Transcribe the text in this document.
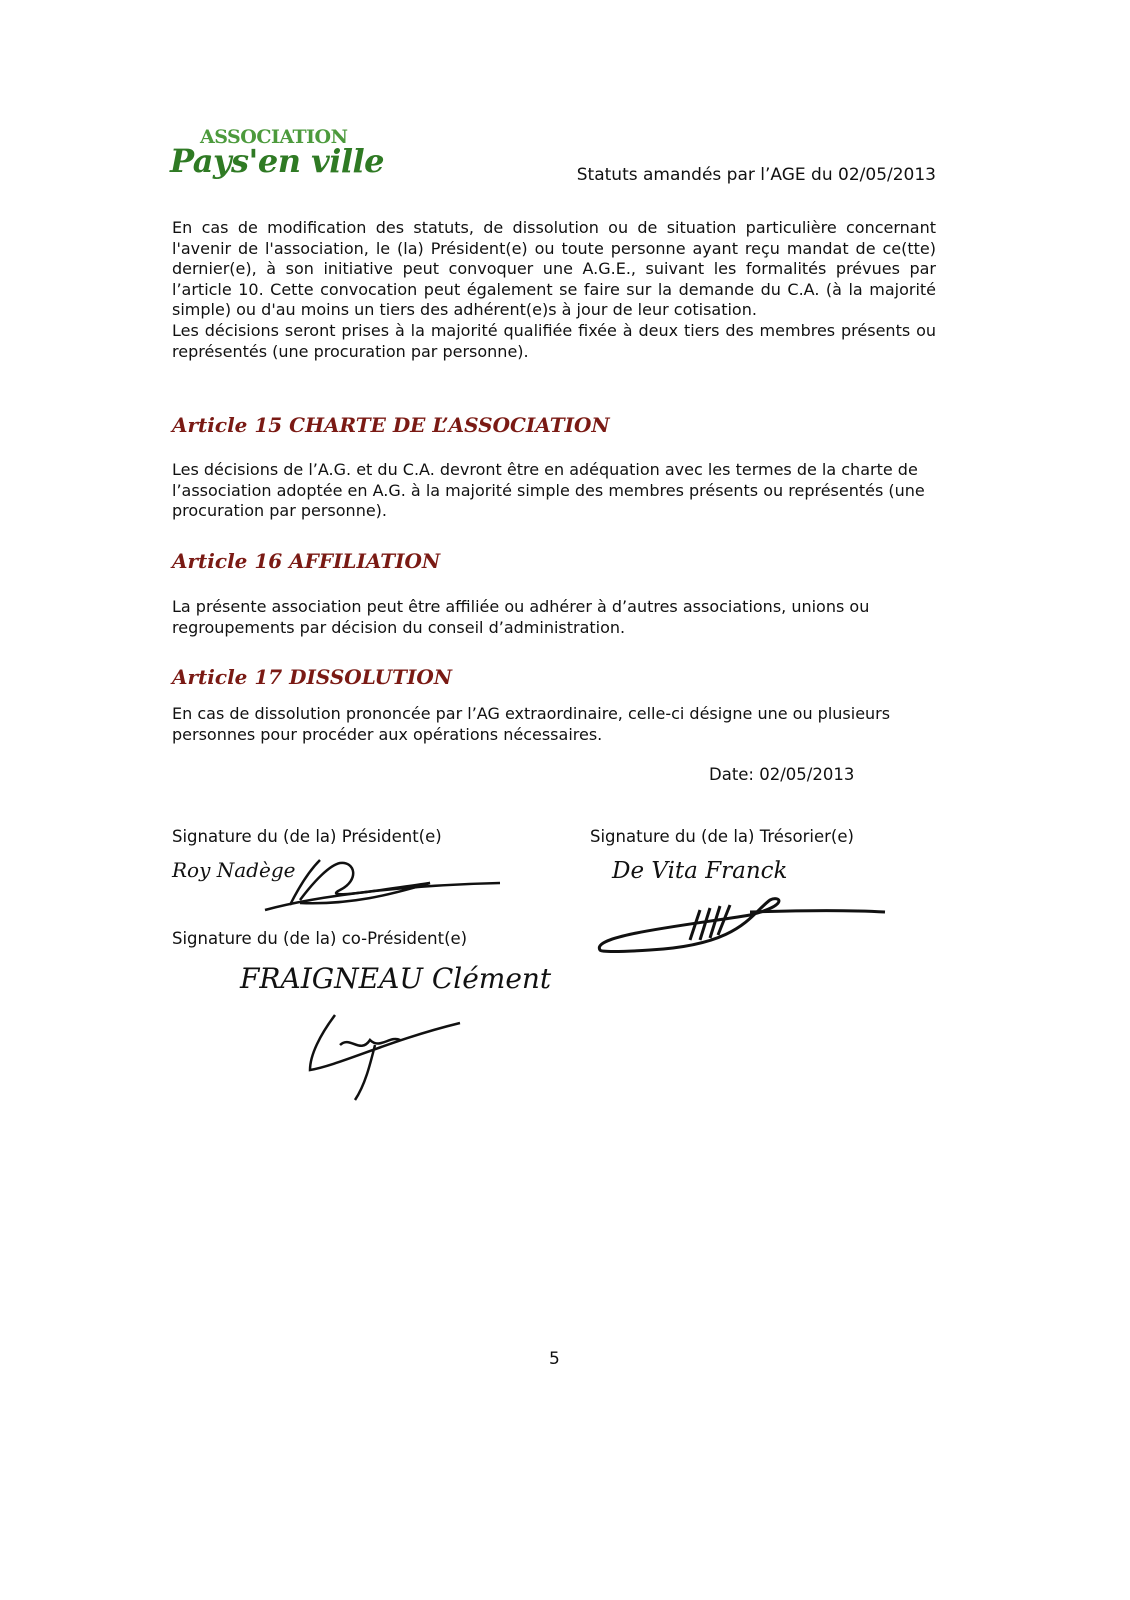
ASSOCIATION
Pays'en ville	Statuts amandés par l’AGE du 02/05/2013

En cas de modification des statuts, de dissolution ou de situation particulière concernant l'avenir de l'association, le (la) Président(e) ou toute personne ayant reçu mandat de ce(tte) dernier(e), à son initiative peut convoquer une A.G.E., suivant les formalités prévues par l’article 10. Cette convocation peut également se faire sur la demande du C.A. (à la majorité simple) ou d'au moins un tiers des adhérent(e)s à jour de leur cotisation.

Les décisions seront prises à la majorité qualifiée fixée à deux tiers des membres présents ou représentés (une procuration par personne).

Article 15 CHARTE DE L’ASSOCIATION
Les décisions de l’A.G. et du C.A. devront être en adéquation avec les termes de la charte de l’association adoptée en A.G. à la majorité simple des membres présents ou représentés (une procuration par personne).
Article 16 AFFILIATION
La présente association peut être affiliée ou adhérer à d’autres associations, unions ou regroupements par décision du conseil d’administration.
Article 17 DISSOLUTION
En cas de dissolution prononcée par l’AG extraordinaire, celle-ci désigne une ou plusieurs personnes pour procéder aux opérations nécessaires.
Date: 02/05/2013
Signature du (de la) Président(e)	Signature du (de la) Trésorier(e)
Signature du (de la) co-Président(e)
Roy Nadège	De Vita Franck
FRAIGNEAU Clément
5
